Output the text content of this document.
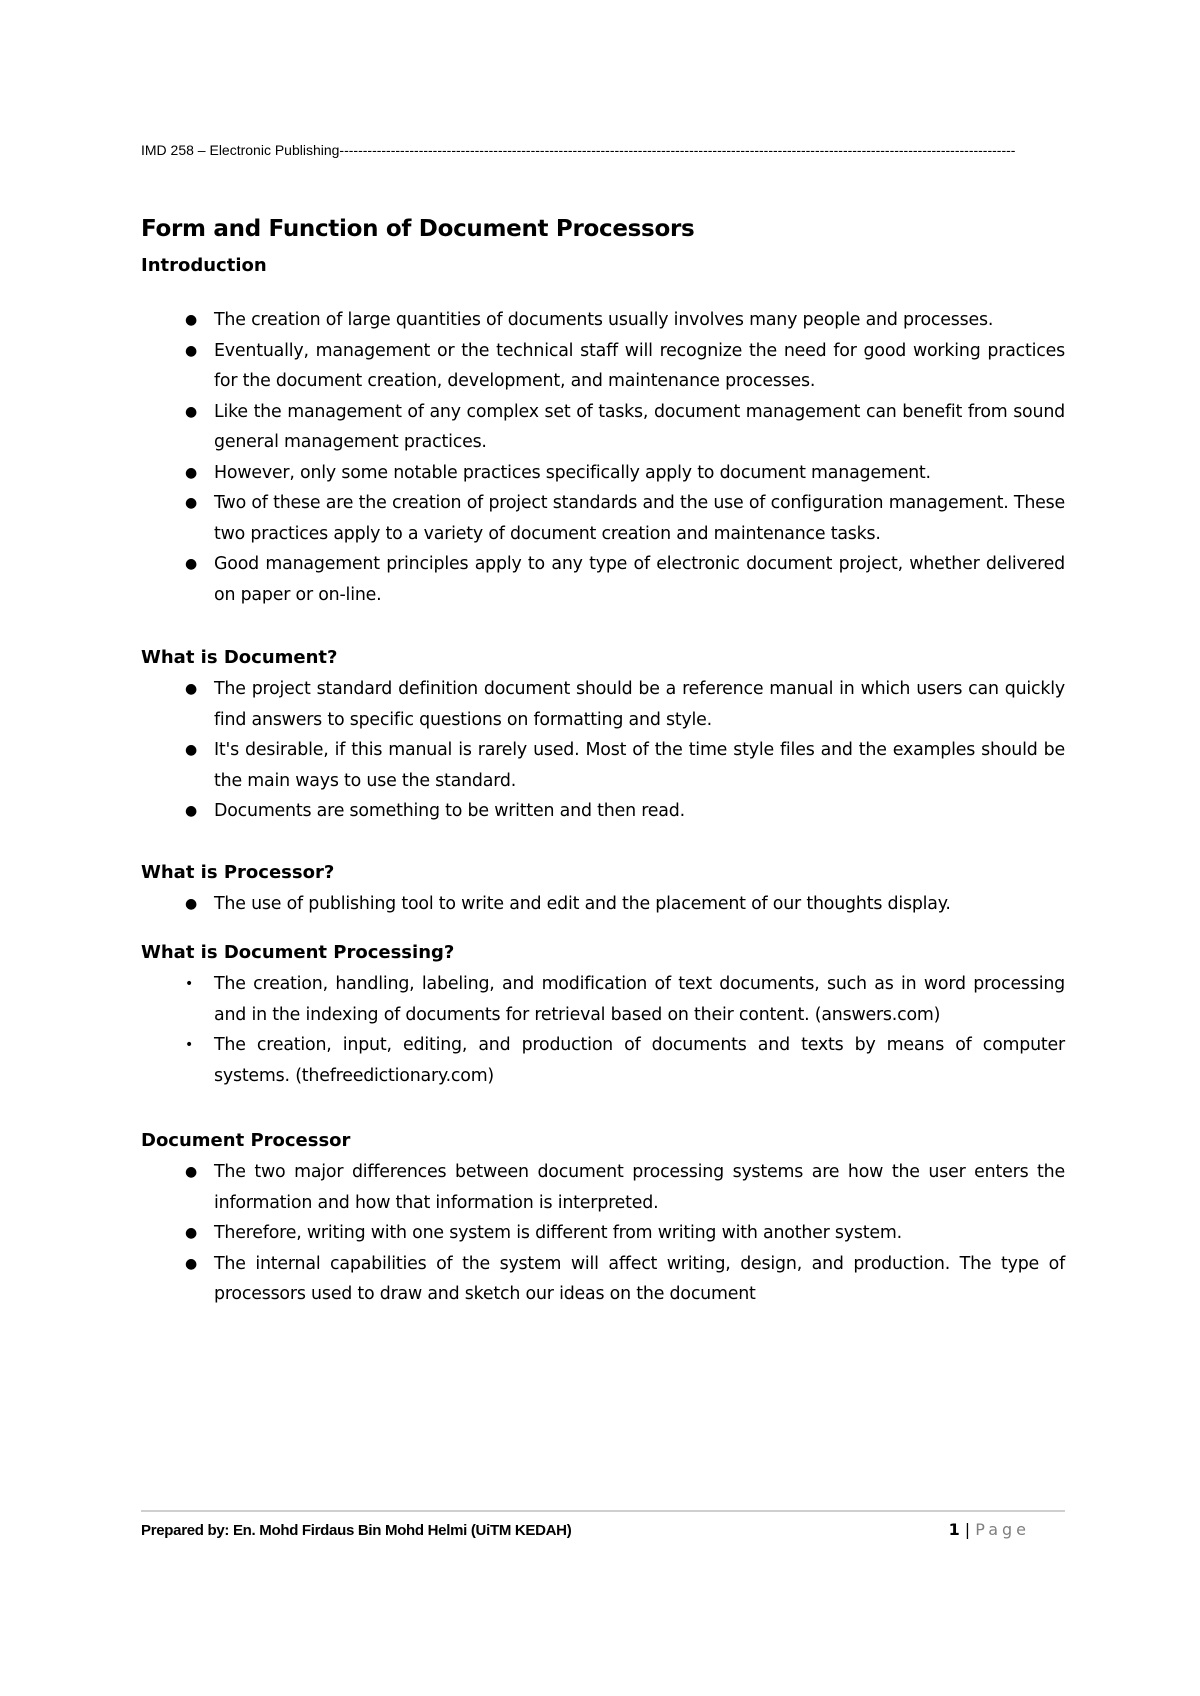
IMD 258 – Electronic Publishing-------------------------------------------------------------------------------------------------------------------------------------------------
Form and Function of Document Processors
Introduction
● The creation of large quantities of documents usually involves many people and processes.
● Eventually, management or the technical staff will recognize the need for good working practices for the document creation, development, and maintenance processes.
● Like the management of any complex set of tasks, document management can benefit from sound general management practices.
● However, only some notable practices specifically apply to document management.
● Two of these are the creation of project standards and the use of configuration management. These two practices apply to a variety of document creation and maintenance tasks.
● Good management principles apply to any type of electronic document project, whether delivered on paper or on-line.
What is Document?
● The project standard definition document should be a reference manual in which users can quickly find answers to specific questions on formatting and style.
● It's desirable, if this manual is rarely used. Most of the time style files and the examples should be the main ways to use the standard.
● Documents are something to be written and then read.
What is Processor?
● The use of publishing tool to write and edit and the placement of our thoughts display.
What is Document Processing?
• The creation, handling, labeling, and modification of text documents, such as in word processing and in the indexing of documents for retrieval based on their content. (answers.com)
• The creation, input, editing, and production of documents and texts by means of computer systems. (thefreedictionary.com)
Document Processor
● The two major differences between document processing systems are how the user enters the information and how that information is interpreted.
● Therefore, writing with one system is different from writing with another system.
● The internal capabilities of the system will affect writing, design, and production. The type of processors used to draw and sketch our ideas on the document
Prepared by: En. Mohd Firdaus Bin Mohd Helmi (UiTM KEDAH)	1 | Page
